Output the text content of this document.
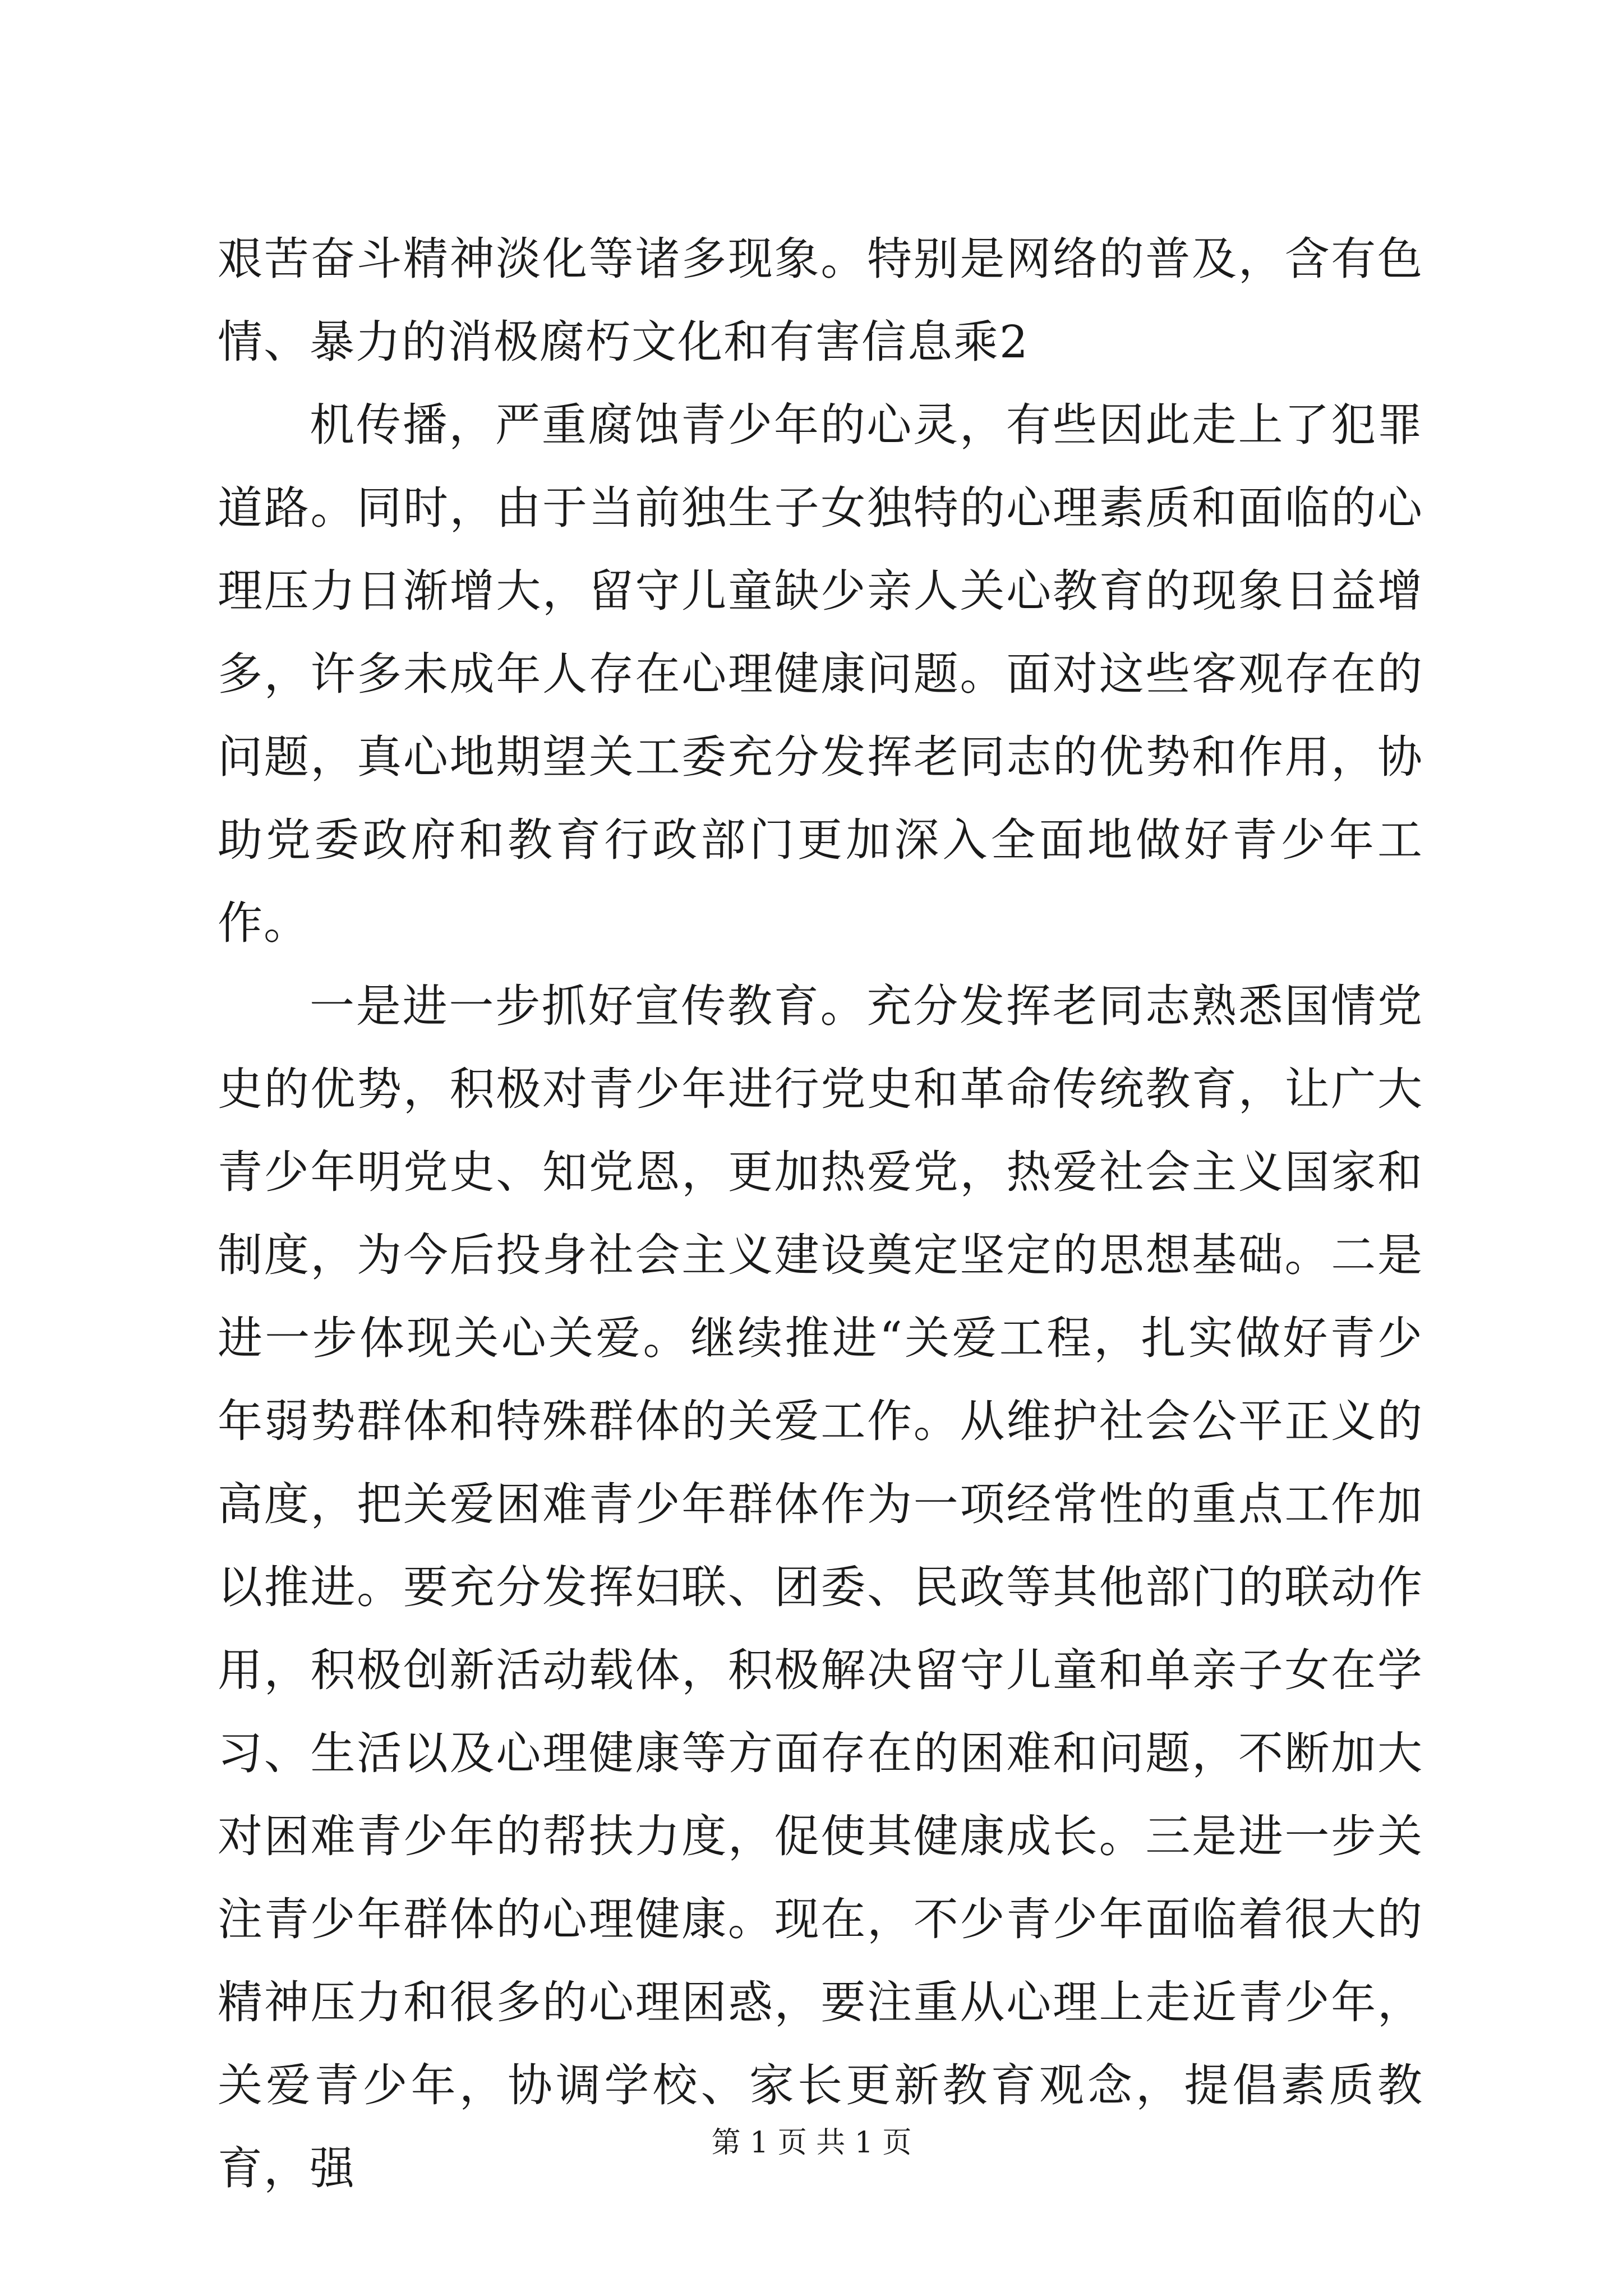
艰苦奋斗精神淡化等诸多现象。特别是网络的普及，含有色情、暴力的消极腐朽文化和有害信息乘2

机传播，严重腐蚀青少年的心灵，有些因此走上了犯罪道路。同时，由于当前独生子女独特的心理素质和面临的心理压力日渐增大，留守儿童缺少亲人关心教育的现象日益增多，许多未成年人存在心理健康问题。面对这些客观存在的问题，真心地期望关工委充分发挥老同志的优势和作用，协助党委政府和教育行政部门更加深入全面地做好青少年工作。

一是进一步抓好宣传教育。充分发挥老同志熟悉国情党史的优势，积极对青少年进行党史和革命传统教育，让广大青少年明党史、知党恩，更加热爱党，热爱社会主义国家和制度，为今后投身社会主义建设奠定坚定的思想基础。二是进一步体现关心关爱。继续推进“关爱工程，扎实做好青少年弱势群体和特殊群体的关爱工作。从维护社会公平正义的高度，把关爱困难青少年群体作为一项经常性的重点工作加以推进。要充分发挥妇联、团委、民政等其他部门的联动作用，积极创新活动载体，积极解决留守儿童和单亲子女在学习、生活以及心理健康等方面存在的困难和问题，不断加大对困难青少年的帮扶力度，促使其健康成长。三是进一步关注青少年群体的心理健康。现在，不少青少年面临着很大的精神压力和很多的心理困惑，要注重从心理上走近青少年，关爱青少年，协调学校、家长更新教育观念，提倡素质教育，强	第 1 页 共 1 页
